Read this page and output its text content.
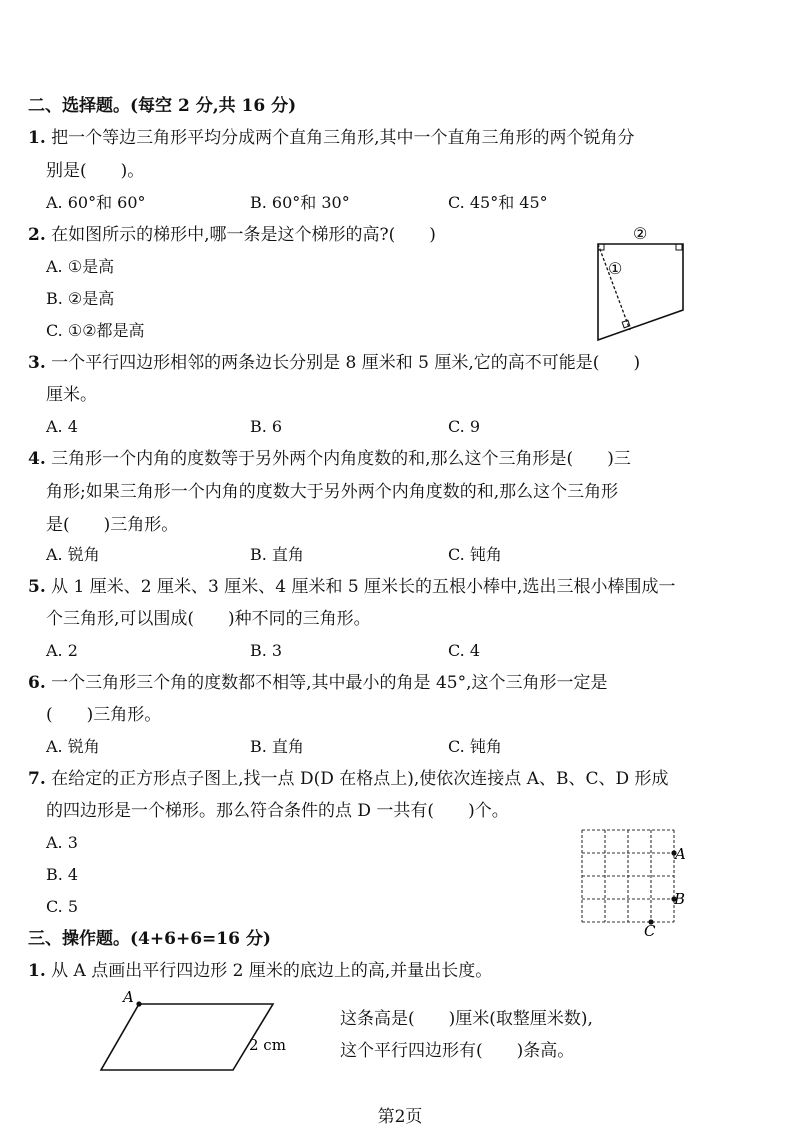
二、选择题。(每空 2 分,共 16 分)
1. 把一个等边三角形平均分成两个直角三角形,其中一个直角三角形的两个锐角分
别是(　　)。
A. 60°和 60°	B. 60°和 30°	C. 45°和 45°
2. 在如图所示的梯形中,哪一条是这个梯形的高?(　　)
A. ①是高
B. ②是高
C. ①②都是高
②
①
3. 一个平行四边形相邻的两条边长分别是 8 厘米和 5 厘米,它的高不可能是(　　)
厘米。
A. 4	B. 6	C. 9
4. 三角形一个内角的度数等于另外两个内角度数的和,那么这个三角形是(　　)三
角形;如果三角形一个内角的度数大于另外两个内角度数的和,那么这个三角形
是(　　)三角形。
A. 锐角	B. 直角	C. 钝角
5. 从 1 厘米、2 厘米、3 厘米、4 厘米和 5 厘米长的五根小棒中,选出三根小棒围成一
个三角形,可以围成(　　)种不同的三角形。
A. 2	B. 3	C. 4
6. 一个三角形三个角的度数都不相等,其中最小的角是 45°,这个三角形一定是
(　　)三角形。
A. 锐角	B. 直角	C. 钝角
7. 在给定的正方形点子图上,找一点 D(D 在格点上),使依次连接点 A、B、C、D 形成
的四边形是一个梯形。那么符合条件的点 D 一共有(　　)个。
A. 3
B. 4
C. 5
A
B
C
三、操作题。(4+6+6=16 分)
1. 从 A 点画出平行四边形 2 厘米的底边上的高,并量出长度。
A
2 cm
这条高是(　　)厘米(取整厘米数),
这个平行四边形有(　　)条高。
第2页
